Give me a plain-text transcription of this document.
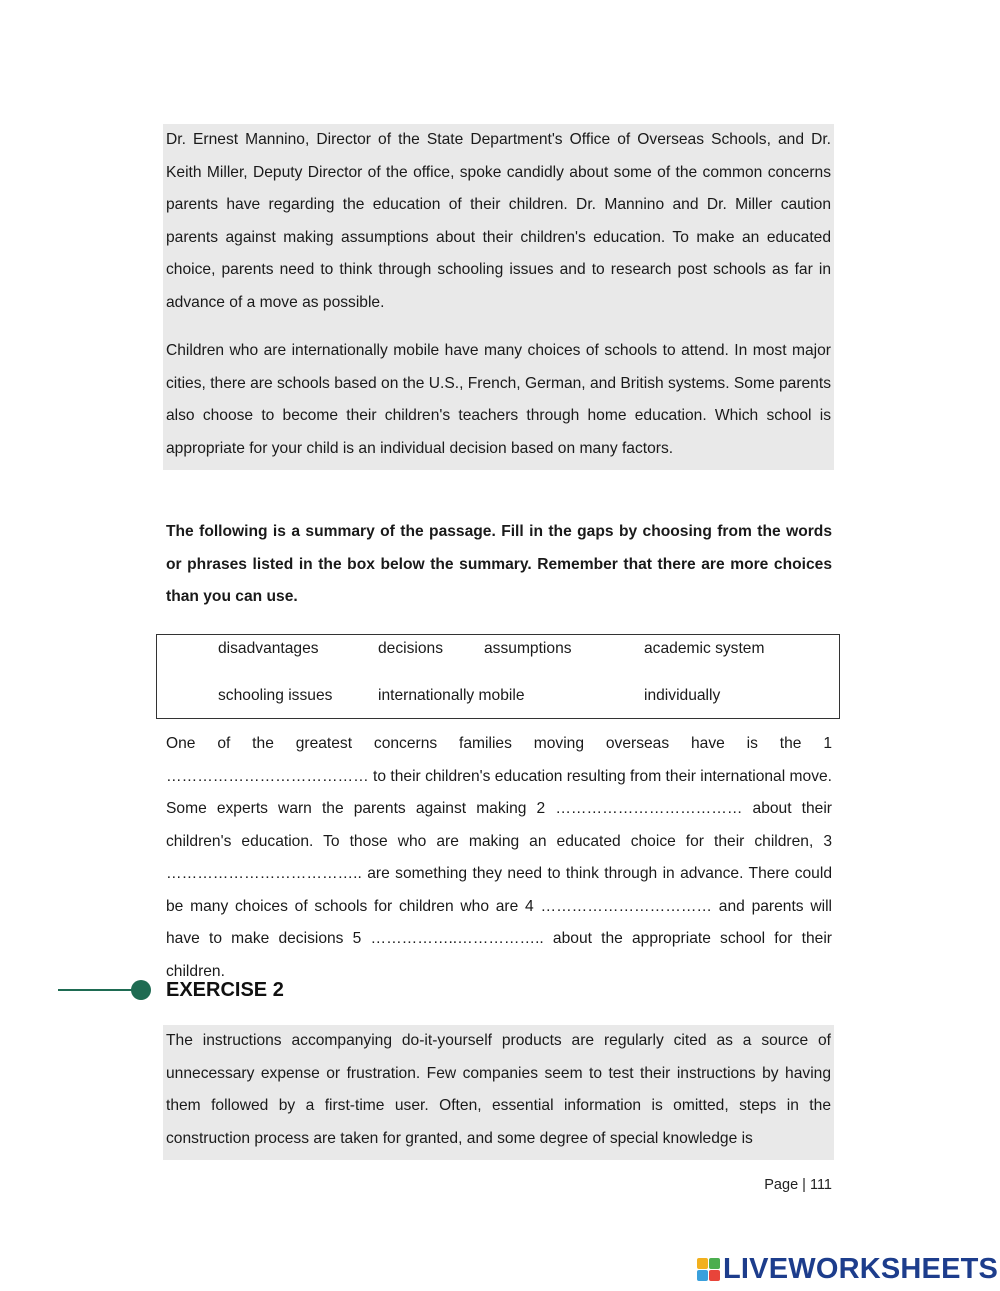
Dr. Ernest Mannino, Director of the State Department's Office of Overseas Schools, and Dr. Keith Miller, Deputy Director of the office, spoke candidly about some of the common concerns parents have regarding the education of their children. Dr. Mannino and Dr. Miller caution parents against making assumptions about their children's education. To make an educated choice, parents need to think through schooling issues and to research post schools as far in advance of a move as possible.

Children who are internationally mobile have many choices of schools to attend. In most major cities, there are schools based on the U.S., French, German, and British systems. Some parents also choose to become their children's teachers through home education. Which school is appropriate for your child is an individual decision based on many factors.

The following is a summary of the passage. Fill in the gaps by choosing from the words or phrases listed in the box below the summary. Remember that there are more choices than you can use.

disadvantages	decisions	assumptions	academic system
schooling issues	internationally mobile	individually

One of the greatest concerns families moving overseas have is the 1 ………………………………… to their children's education resulting from their international move. Some experts warn the parents against making 2 ……………………………… about their children's education. To those who are making an educated choice for their children, 3 ……………………………….. are something they need to think through in advance. There could be many choices of schools for children who are 4 …………………………… and parents will have to make decisions 5 ……………..…………….. about the appropriate school for their children.

EXERCISE 2

The instructions accompanying do-it-yourself products are regularly cited as a source of unnecessary expense or frustration. Few companies seem to test their instructions by having them followed by a first-time user. Often, essential information is omitted, steps in the construction process are taken for granted, and some degree of special knowledge is

Page | 111
LIVEWORKSHEETS
